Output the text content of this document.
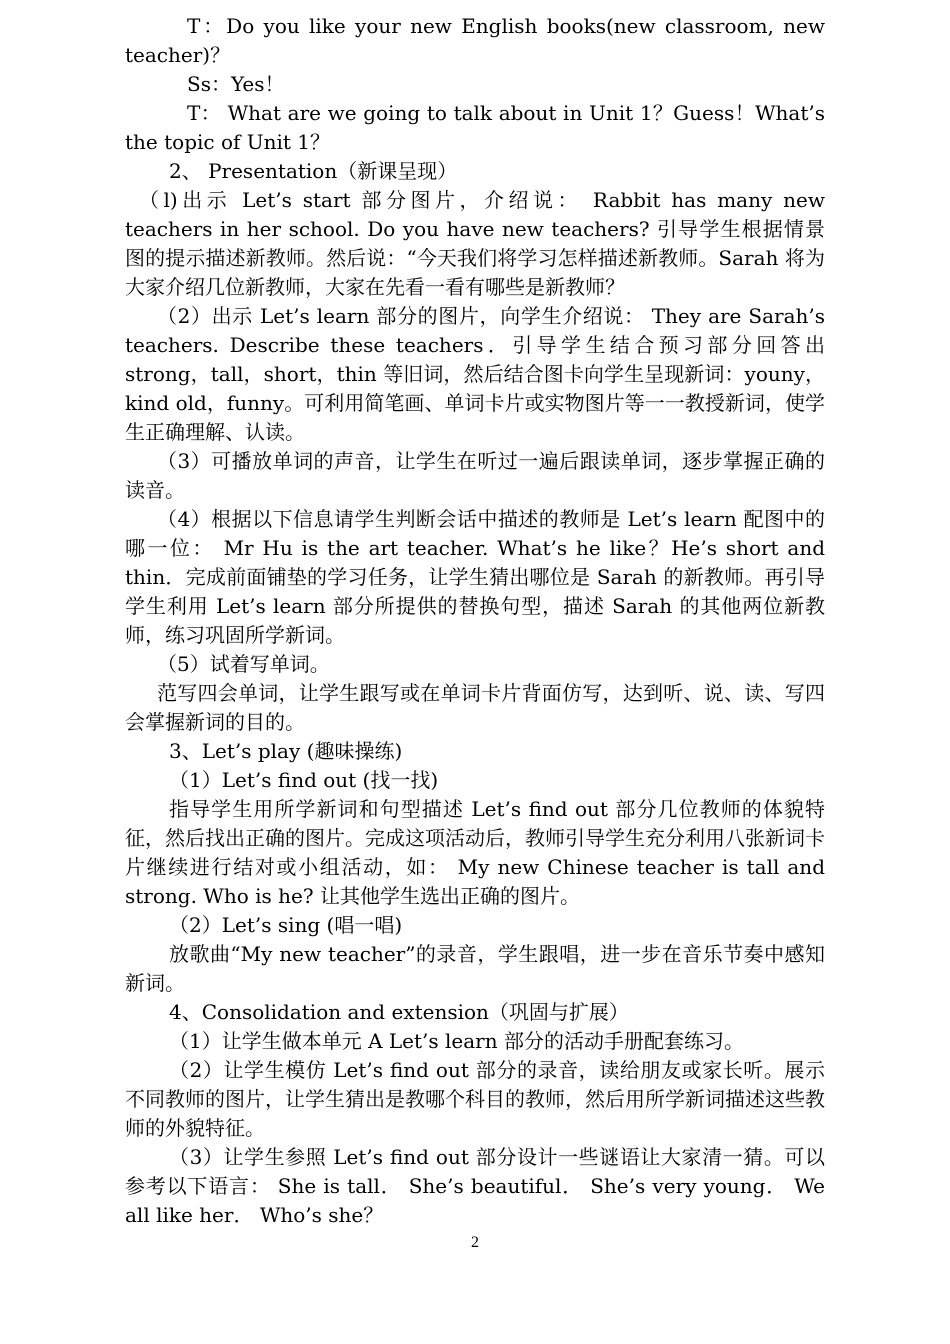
T：Do you like your new English books(new classroom, new teacher)？

Ss：Yes！

T： What are we going to talk about in Unit 1？Guess！What’s the topic of Unit 1？

2、 Presentation（新课呈现）

（l)出示 Let’s start 部分图片，介绍说： Rabbit has many new teachers in her school. Do you have new teachers? 引导学生根据情景图的提示描述新教师。然后说：“今天我们将学习怎样描述新教师。Sarah 将为大家介绍几位新教师，大家在先看一看有哪些是新教师？

（2）出示 Let’s learn 部分的图片，向学生介绍说： They are Sarah’s teachers. Describe these teachers．引导学生结合预习部分回答出 strong，tall，short，thin 等旧词，然后结合图卡向学生呈现新词：youny，kind old，funny。可利用简笔画、单词卡片或实物图片等一一教授新词，使学生正确理解、认读。

（3）可播放单词的声音，让学生在听过一遍后跟读单词，逐步掌握正确的读音。

（4）根据以下信息请学生判断会话中描述的教师是 Let’s learn 配图中的哪一位： Mr Hu is the art teacher. What’s he like？He’s short and thin．完成前面铺垫的学习任务，让学生猜出哪位是 Sarah 的新教师。再引导学生利用 Let’s learn 部分所提供的替换句型，描述 Sarah 的其他两位新教师，练习巩固所学新词。

（5）试着写单词。

范写四会单词，让学生跟写或在单词卡片背面仿写，达到听、说、读、写四会掌握新词的目的。

3、Let’s play (趣味操练)

（1）Let’s find out (找一找)

指导学生用所学新词和句型描述 Let’s find out 部分几位教师的体貌特征，然后找出正确的图片。完成这项活动后，教师引导学生充分利用八张新词卡片继续进行结对或小组活动，如： My new Chinese teacher is tall and strong. Who is he? 让其他学生选出正确的图片。

（2）Let’s sing (唱一唱)

放歌曲“My new teacher”的录音，学生跟唱，进一步在音乐节奏中感知新词。

4、Consolidation and extension（巩固与扩展）

（1）让学生做本单元 A Let’s learn 部分的活动手册配套练习。

（2）让学生模仿 Let’s find out 部分的录音，读给朋友或家长听。展示不同教师的图片，让学生猜出是教哪个科目的教师，然后用所学新词描述这些教师的外貌特征。

（3）让学生参照 Let’s find out 部分设计一些谜语让大家清一猜。可以参考以下语言： She is tall． She’s beautiful． She’s very young． We all like her． Who’s she？

2
